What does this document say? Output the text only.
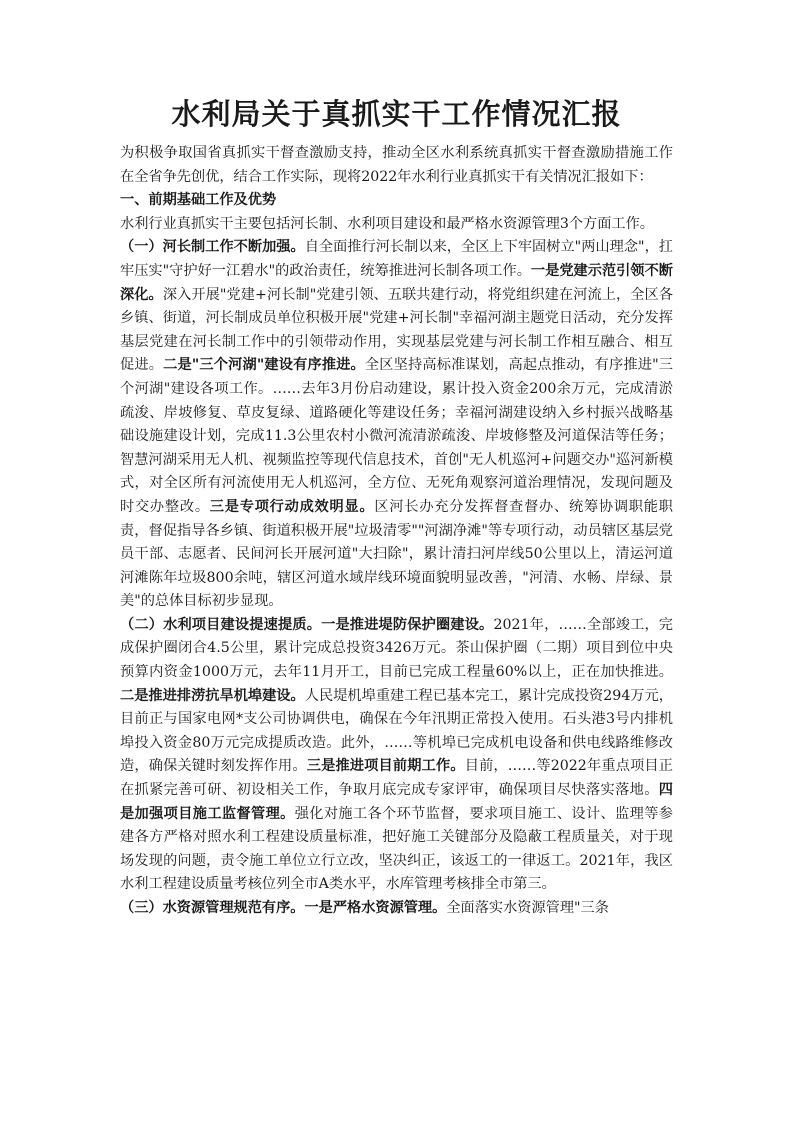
水利局关于真抓实干工作情况汇报

为积极争取国省真抓实干督查激励支持，推动全区水利系统真抓实干督查激励措施工作在全省争先创优，结合工作实际，现将2022年水利行业真抓实干有关情况汇报如下：

一、前期基础工作及优势

水利行业真抓实干主要包括河长制、水利项目建设和最严格水资源管理3个方面工作。

（一）河长制工作不断加强。自全面推行河长制以来，全区上下牢固树立"两山理念"，扛牢压实"守护好一江碧水"的政治责任，统筹推进河长制各项工作。一是党建示范引领不断深化。深入开展"党建+河长制"党建引领、五联共建行动，将党组织建在河流上，全区各乡镇、街道，河长制成员单位积极开展"党建+河长制"幸福河湖主题党日活动，充分发挥基层党建在河长制工作中的引领带动作用，实现基层党建与河长制工作相互融合、相互促进。二是"三个河湖"建设有序推进。全区坚持高标准谋划，高起点推动，有序推进"三个河湖"建设各项工作。……去年3月份启动建设，累计投入资金200余万元，完成清淤疏浚、岸坡修复、草皮复绿、道路硬化等建设任务；幸福河湖建设纳入乡村振兴战略基础设施建设计划，完成11.3公里农村小微河流清淤疏浚、岸坡修整及河道保洁等任务；智慧河湖采用无人机、视频监控等现代信息技术，首创"无人机巡河+问题交办"巡河新模式，对全区所有河流使用无人机巡河，全方位、无死角观察河道治理情况，发现问题及时交办整改。三是专项行动成效明显。区河长办充分发挥督查督办、统筹协调职能职责，督促指导各乡镇、街道积极开展"垃圾清零""河湖净滩"等专项行动，动员辖区基层党员干部、志愿者、民间河长开展河道"大扫除"，累计清扫河岸线50公里以上，清运河道河滩陈年垃圾800余吨，辖区河道水域岸线环境面貌明显改善，"河清、水畅、岸绿、景美"的总体目标初步显现。

（二）水利项目建设提速提质。一是推进堤防保护圈建设。2021年，……全部竣工，完成保护圈闭合4.5公里，累计完成总投资3426万元。茶山保护圈（二期）项目到位中央预算内资金1000万元，去年11月开工，目前已完成工程量60%以上，正在加快推进。二是推进排涝抗旱机埠建设。人民堤机埠重建工程已基本完工，累计完成投资294万元，目前正与国家电网*支公司协调供电，确保在今年汛期正常投入使用。石头港3号内排机埠投入资金80万元完成提质改造。此外，……等机埠已完成机电设备和供电线路维修改造，确保关键时刻发挥作用。三是推进项目前期工作。目前，……等2022年重点项目正在抓紧完善可研、初设相关工作，争取月底完成专家评审，确保项目尽快落实落地。四是加强项目施工监督管理。强化对施工各个环节监督，要求项目施工、设计、监理等参建各方严格对照水利工程建设质量标准，把好施工关键部分及隐蔽工程质量关，对于现场发现的问题，责令施工单位立行立改，坚决纠正，该返工的一律返工。2021年，我区水利工程建设质量考核位列全市A类水平，水库管理考核排全市第三。

（三）水资源管理规范有序。一是严格水资源管理。全面落实水资源管理"三条
